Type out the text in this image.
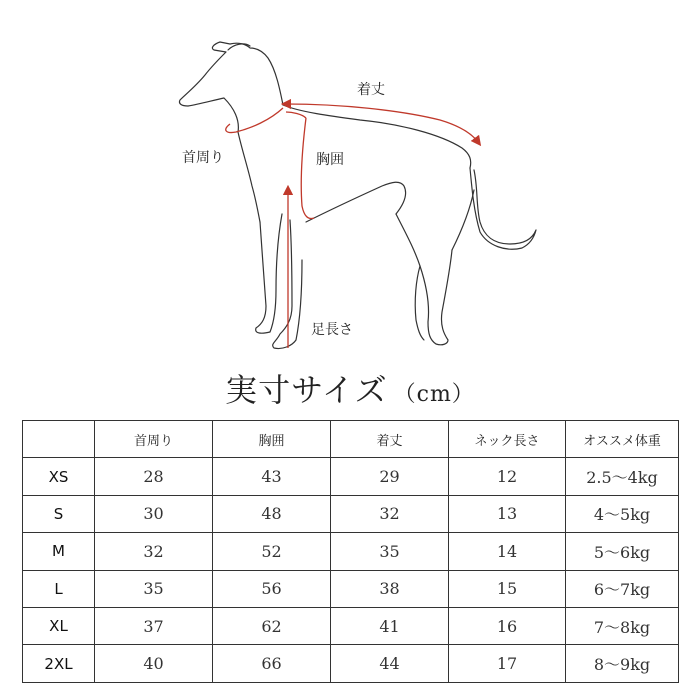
着丈
首周り	胸囲
足長さ
実寸サイズ （cm）
	首周り	胸囲	着丈	ネック長さ	オススメ体重
XS	28	43	29	12	2.5～4kg
S	30	48	32	13	4～5kg
M	32	52	35	14	5～6kg
L	35	56	38	15	6～7kg
XL	37	62	41	16	7～8kg
2XL	40	66	44	17	8～9kg
